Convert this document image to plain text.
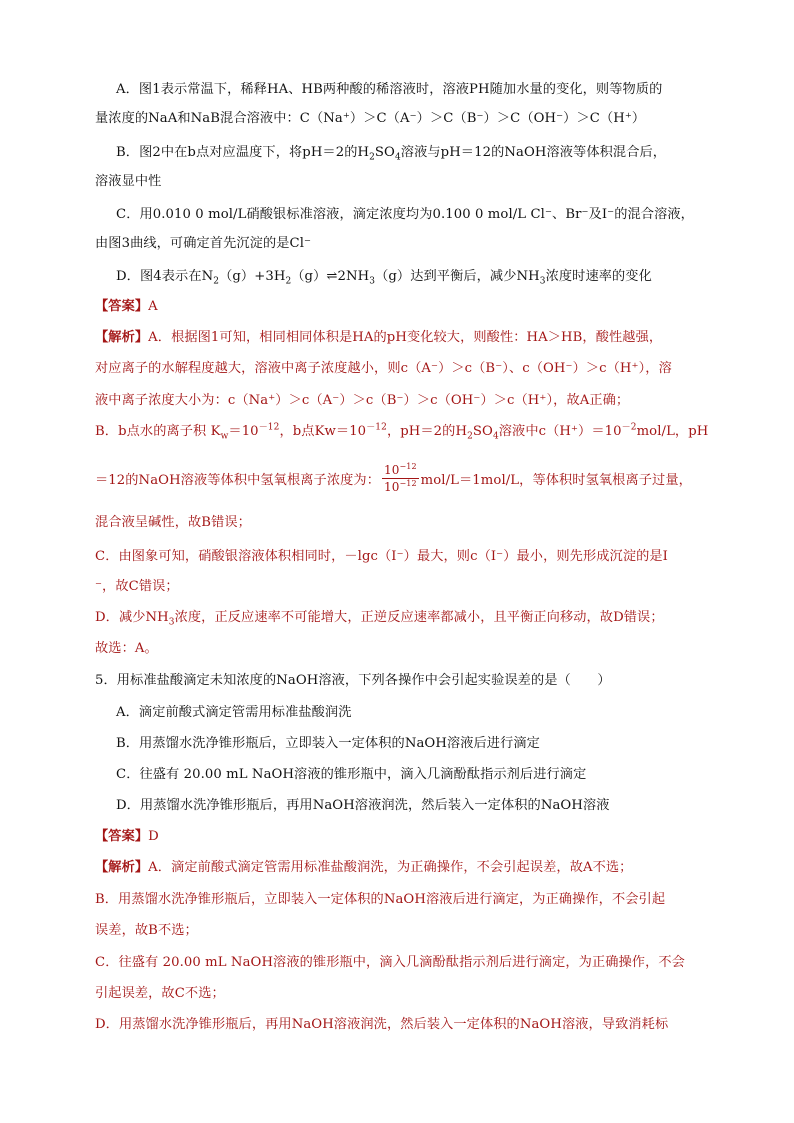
A．图1表示常温下，稀释HA、HB两种酸的稀溶液时，溶液PH随加水量的变化，则等物质的
量浓度的NaA和NaB混合溶液中：C（Na⁺）＞C（A⁻）＞C（B⁻）＞C（OH⁻）＞C（H⁺）
B．图2中在b点对应温度下，将pH＝2的$H_2SO_4$溶液与pH＝12的NaOH溶液等体积混合后，
溶液显中性
C．用0.010 0 mol/L硝酸银标准溶液，滴定浓度均为0.100 0 mol/L Cl⁻、Br⁻及I⁻的混合溶液，
由图3曲线，可确定首先沉淀的是Cl⁻
D．图4表示在$N_2(g)+3H_2(g)\rightleftharpoons 2NH_3(g)$达到平衡后，减少$NH_3$浓度时速率的变化
【答案】A
【解析】A．根据图1可知，相同相同体积是HA的pH变化较大，则酸性：HA＞HB，酸性越强，
对应离子的水解程度越大，溶液中离子浓度越小，则c（A⁻）＞c（B⁻）、c（OH⁻）＞c（H⁺），溶
液中离子浓度大小为：c（Na⁺）＞c（A⁻）＞c（B⁻）＞c（OH⁻）＞c（H⁺），故A正确；
B．b点水的离子积 $K_w=10^{-12}$，b点$Kw=10^{-12}$，pH＝2的$H_2SO_4$溶液中$c(H^+)=10^{-2}mol/L$，pH
＝12的NaOH溶液等体积中氢氧根离子浓度为： $\frac{10^{-12}}{10^{-12}} mol/L=1mol/L$，等体积时氢氧根离子过量，
混合液呈碱性，故B错误；
C．由图象可知，硝酸银溶液体积相同时，－lgc（I⁻）最大，则c（I⁻）最小，则先形成沉淀的是I
⁻，故C错误；
D．减少$NH_3$浓度，正反应速率不可能增大，正逆反应速率都减小，且平衡正向移动，故D错误；
故选：A。
5．用标准盐酸滴定未知浓度的NaOH溶液，下列各操作中会引起实验误差的是（　　）
A．滴定前酸式滴定管需用标准盐酸润洗
B．用蒸馏水洗净锥形瓶后，立即装入一定体积的NaOH溶液后进行滴定
C．往盛有 20.00 mL NaOH溶液的锥形瓶中，滴入几滴酚酞指示剂后进行滴定
D．用蒸馏水洗净锥形瓶后，再用NaOH溶液润洗，然后装入一定体积的NaOH溶液
【答案】D
【解析】A．滴定前酸式滴定管需用标准盐酸润洗，为正确操作，不会引起误差，故A不选；
B．用蒸馏水洗净锥形瓶后，立即装入一定体积的NaOH溶液后进行滴定，为正确操作，不会引起
误差，故B不选；
C．往盛有 20.00 mL NaOH溶液的锥形瓶中，滴入几滴酚酞指示剂后进行滴定，为正确操作，不会
引起误差，故C不选；
D．用蒸馏水洗净锥形瓶后，再用NaOH溶液润洗，然后装入一定体积的NaOH溶液，导致消耗标
